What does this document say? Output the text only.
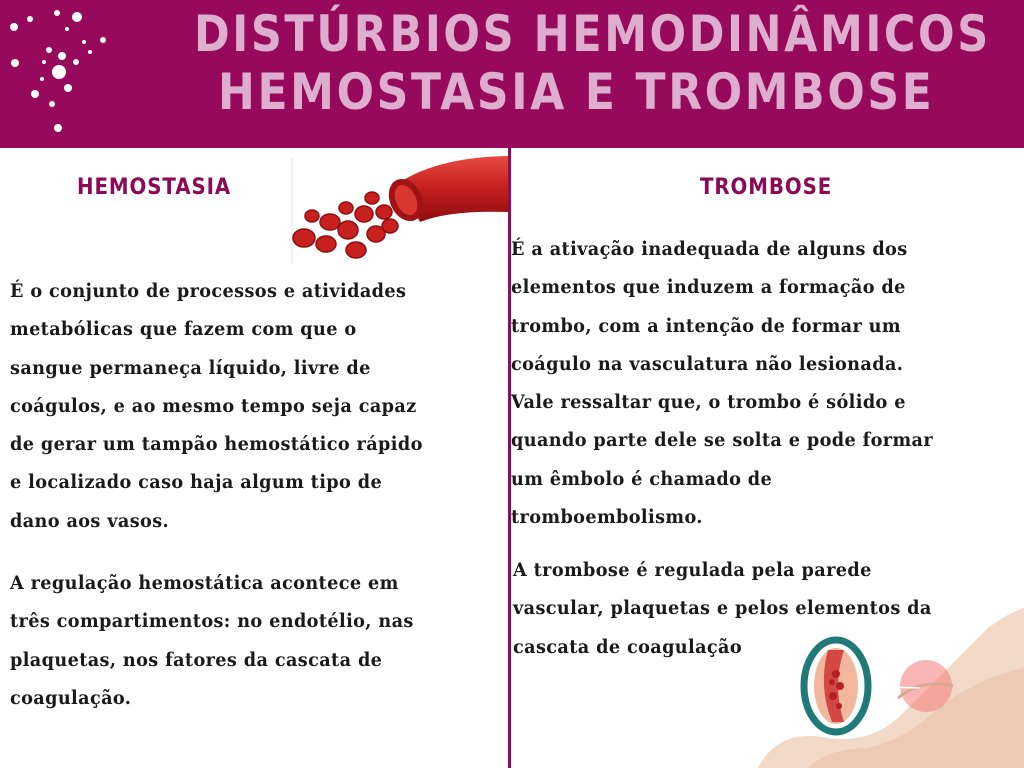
DISTÚRBIOS HEMODINÂMICOS
HEMOSTASIA E TROMBOSE
HEMOSTASIA	TROMBOSE

É o conjunto de processos e atividades
metabólicas que fazem com que o
sangue permaneça líquido, livre de
coágulos, e ao mesmo tempo seja capaz
de gerar um tampão hemostático rápido
e localizado caso haja algum tipo de
dano aos vasos.

A regulação hemostática acontece em
três compartimentos: no endotélio, nas
plaquetas, nos fatores da cascata de
coagulação.

É a ativação inadequada de alguns dos
elementos que induzem a formação de
trombo, com a intenção de formar um
coágulo na vasculatura não lesionada.
Vale ressaltar que, o trombo é sólido e
quando parte dele se solta e pode formar
um êmbolo é chamado de
tromboembolismo.

A trombose é regulada pela parede
vascular, plaquetas e pelos elementos da
cascata de coagulação
